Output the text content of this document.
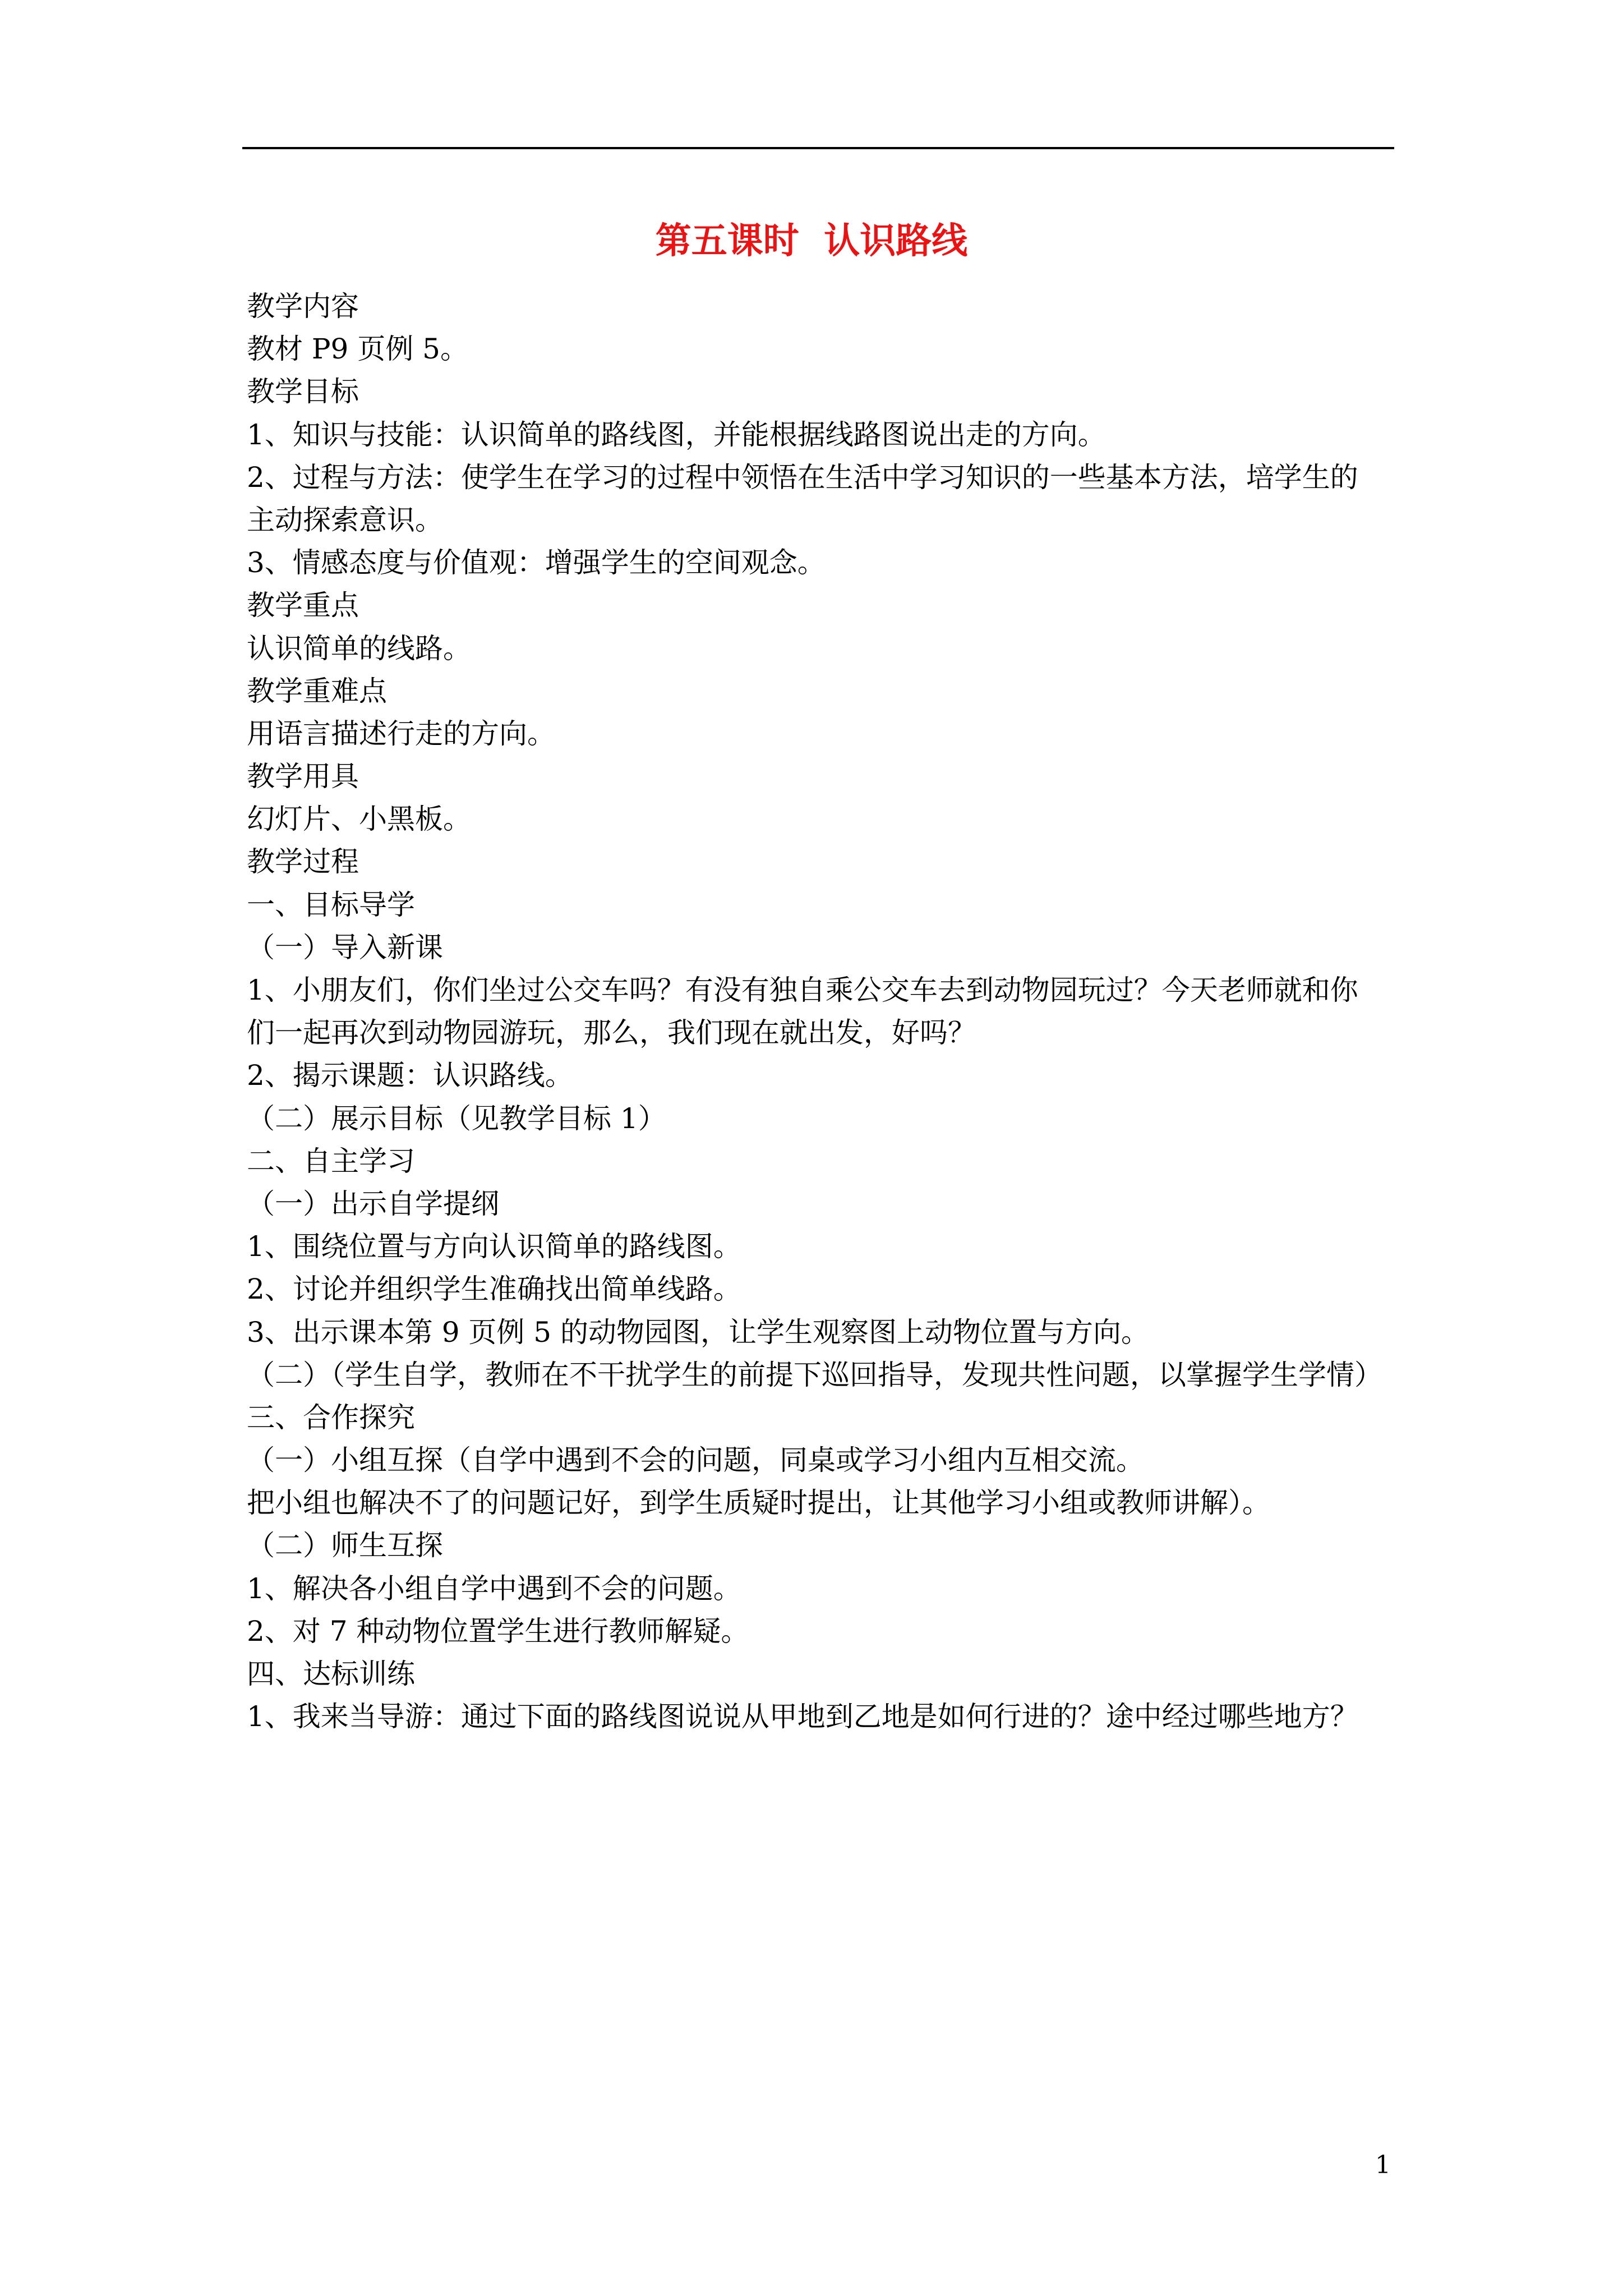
第五课时  认识路线
教学内容
教材 P9 页例 5。
教学目标
1、知识与技能：认识简单的路线图，并能根据线路图说出走的方向。
2、过程与方法：使学生在学习的过程中领悟在生活中学习知识的一些基本方法，培学生的
主动探索意识。
3、情感态度与价值观：增强学生的空间观念。
教学重点
认识简单的线路。
教学重难点
用语言描述行走的方向。
教学用具
幻灯片、小黑板。
教学过程
一、目标导学
（一）导入新课
1、小朋友们，你们坐过公交车吗？有没有独自乘公交车去到动物园玩过？今天老师就和你
们一起再次到动物园游玩，那么，我们现在就出发，好吗？
2、揭示课题：认识路线。
（二）展示目标（见教学目标 1）
二、自主学习
（一）出示自学提纲
1、围绕位置与方向认识简单的路线图。
2、讨论并组织学生准确找出简单线路。
3、出示课本第 9 页例 5 的动物园图，让学生观察图上动物位置与方向。
（二）（学生自学，教师在不干扰学生的前提下巡回指导，发现共性问题，以掌握学生学情）
三、合作探究
（一）小组互探（自学中遇到不会的问题，同桌或学习小组内互相交流。
把小组也解决不了的问题记好，到学生质疑时提出，让其他学习小组或教师讲解）。
（二）师生互探
1、解决各小组自学中遇到不会的问题。
2、对 7 种动物位置学生进行教师解疑。
四、达标训练
1、我来当导游：通过下面的路线图说说从甲地到乙地是如何行进的？途中经过哪些地方？
1
